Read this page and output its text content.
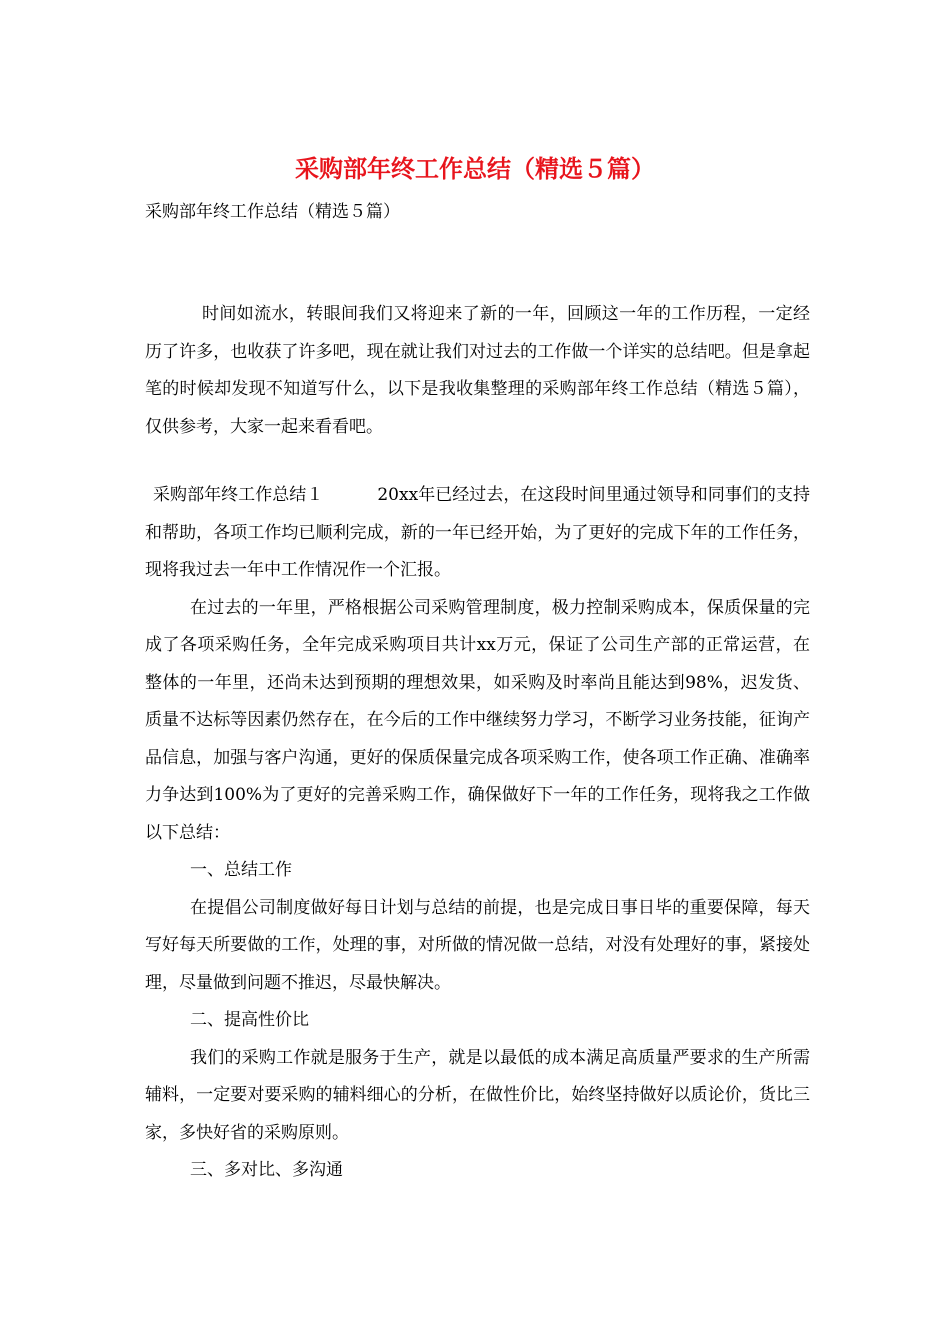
采购部年终工作总结（精选５篇）
采购部年终工作总结（精选５篇）

时间如流水，转眼间我们又将迎来了新的一年，回顾这一年的工作历程，一定经历了许多，也收获了许多吧，现在就让我们对过去的工作做一个详实的总结吧。但是拿起笔的时候却发现不知道写什么，以下是我收集整理的采购部年终工作总结（精选５篇），仅供参考，大家一起来看看吧。

采购部年终工作总结１	20xx年已经过去，在这段时间里通过领导和同事们的支持和帮助，各项工作均已顺利完成，新的一年已经开始，为了更好的完成下年的工作任务，现将我过去一年中工作情况作一个汇报。

在过去的一年里，严格根据公司采购管理制度，极力控制采购成本，保质保量的完成了各项采购任务，全年完成采购项目共计xx万元，保证了公司生产部的正常运营，在整体的一年里，还尚未达到预期的理想效果，如采购及时率尚且能达到98%，迟发货、质量不达标等因素仍然存在，在今后的工作中继续努力学习，不断学习业务技能，征询产品信息，加强与客户沟通，更好的保质保量完成各项采购工作，使各项工作正确、准确率力争达到100%为了更好的完善采购工作，确保做好下一年的工作任务，现将我之工作做以下总结：

一、总结工作

在提倡公司制度做好每日计划与总结的前提，也是完成日事日毕的重要保障，每天写好每天所要做的工作，处理的事，对所做的情况做一总结，对没有处理好的事，紧接处理，尽量做到问题不推迟，尽最快解决。

二、提高性价比

我们的采购工作就是服务于生产，就是以最低的成本满足高质量严要求的生产所需辅料，一定要对要采购的辅料细心的分析，在做性价比，始终坚持做好以质论价，货比三家，多快好省的采购原则。

三、多对比、多沟通
